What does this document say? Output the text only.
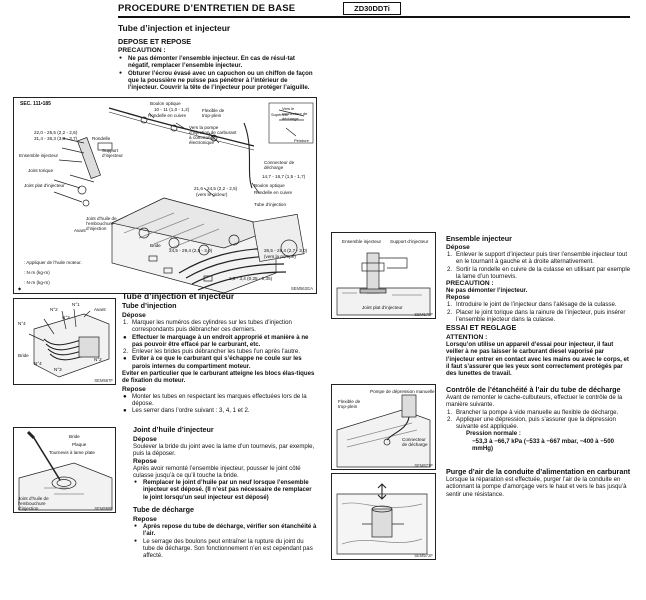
PROCEDURE D’ENTRETIEN DE BASE	ZD30DDTi
Tube d’injection et injecteur
DEPOSE ET REPOSE
PRECAUTION :
● Ne pas démonter l’ensemble injecteur. En cas de résul-tat négatif, remplacer l’ensemble injecteur.
● Obturer l’écrou évasé avec un capuchon ou un chiffon de façon que la poussière ne puisse pas pénétrer à l’intérieur de l’injecteur. Couvrir la tête de l’injecteur pour protéger l’aiguille.
◆
SEC. 111•185	Boulon optique
10 - 11 (1,0 - 1,2)
Rondelle en cuivre
Flexible de trop-plein
Vers la pompe d’injection de carburant à commande électronique
Vers le connecteur de décharge
Supérieur
Peinture
22,0 - 25,5 (2,2 - 2,6)
31,4 - 36,3 (3,3 - 3,7)	Rondelle
Ensemble injecteur
Support d’injecteur
Joint torique
Joint plat d’injecteur
Connecteur de décharge
14,7 - 16,7 (1,5 - 1,7)
21,6 - 24,5 (2,2 - 2,5)
(vers le gicleur)
Boulon optique
Rondelle en cuivre
Joint d’huile de l’embouchure d’injection
Tube d’injection
Avant
: Appliquer de l’huile moteur.
: N·m (kg-m)
: N·m (kg-m)
Bride
24,5 - 29,4 (2,5 - 3,0)	26,5 - 29,4 (2,7 - 3,0)
(vers la pompe)
2,5 - 3,4 (0,25 - 0,35)
SEM563GA
N°2
N°1
N°3
N°4
Bride
Avant
N°2
N°3
N°4
SEM567F
Tube d’injection et injecteur
Tube d’injection
Dépose
1. Marquer les numéros des cylindres sur les tubes d’injection correspondants puis débrancher ces derniers.
● Effectuer le marquage à un endroit approprié et manière à ne pas pouvoir être effacé par le carburant, etc.
2. Enlever les brides puis débrancher les tubes l’un après l’autre.
● Eviter à ce que le carburant qui s’échappe ne coule sur les parois internes du compartiment moteur.
Eviter en particulier que le carburant atteigne les blocs élas-tiques de fixation du moteur.
Repose
● Monter les tubes en respectant les marques effectuées lors de la dépose.
● Les serrer dans l’ordre suivant : 3, 4, 1 et 2.
Bride
Plaque
Tournevis à lame plate
Joint d’huile de l’embouchure d’injection	SEM568F
Joint d’huile d’injecteur
Dépose
Soulever la bride du joint avec la lame d’un tournevis, par exemple, puis la déposer.
Repose
Après avoir remonté l’ensemble injecteur, pousser le joint côté culasse jusqu’à ce qu’il touche la bride.
● Remplacer le joint d’huile par un neuf lorsque l’ensemble injecteur est déposé. (Il n’est pas nécessaire de remplacer le joint lorsqu’un seul injecteur est déposé)
Tube de décharge
Repose
● Après repose du tube de décharge, vérifier son étanchéité à l’air.
● Le serrage des boulons peut entraîner la rupture du joint du tube de décharge. Son fonctionnement n’en est cependant pas affecté.
Ensemble injecteur Support d’injecteur
Joint plat d’injecteur
SEM570F
Ensemble injecteur
Dépose
1. Enlever le support d’injecteur puis tirer l’ensemble injecteur tout en le tournant à gauche et à droite alternativement.
2. Sortir la rondelle en cuivre de la culasse en utilisant par exemple la lame d’un tournevis.
PRECAUTION :
Ne pas démonter l’injecteur.
Repose
1. Introduire le joint de l’injecteur dans l’alésage de la culasse.
2. Placer le joint torique dans la rainure de l’injecteur, puis insérer l’ensemble injecteur dans la culasse.
ESSAI ET REGLAGE
ATTENTION :
Lorsqu’on utilise un appareil d’essai pour injecteur, il faut veiller à ne pas laisser le carburant diesel vaporisé par l’injecteur entrer en contact avec les mains ou avec le corps, et il faut s’assurer que les yeux sont correctement protégés par des lunettes de travail.
Pompe de dépression manuelle
Flexible de trop-plein
Connecteur de décharge
SEM571F
Contrôle de l’étanchéité à l’air du tube de décharge
Avant de remonter le cache-culbuteurs, effectuer le contrôle de la manière suivante.
1. Brancher la pompe à vide manuelle au flexible de décharge.
2. Appliquer une dépression, puis s’assurer que la dépression suivante est appliquée.
Pression normale :
−53,3 à −66,7 kPa (−533 à −667 mbar, −400 à −500 mmHg)
SEM572F
Purge d’air de la conduite d’alimentation en carburant
Lorsque la réparation est effectuée, purger l’air de la conduite en actionnant la pompe d’amorçage vers le haut et vers le bas jusqu’à sentir une résistance.
